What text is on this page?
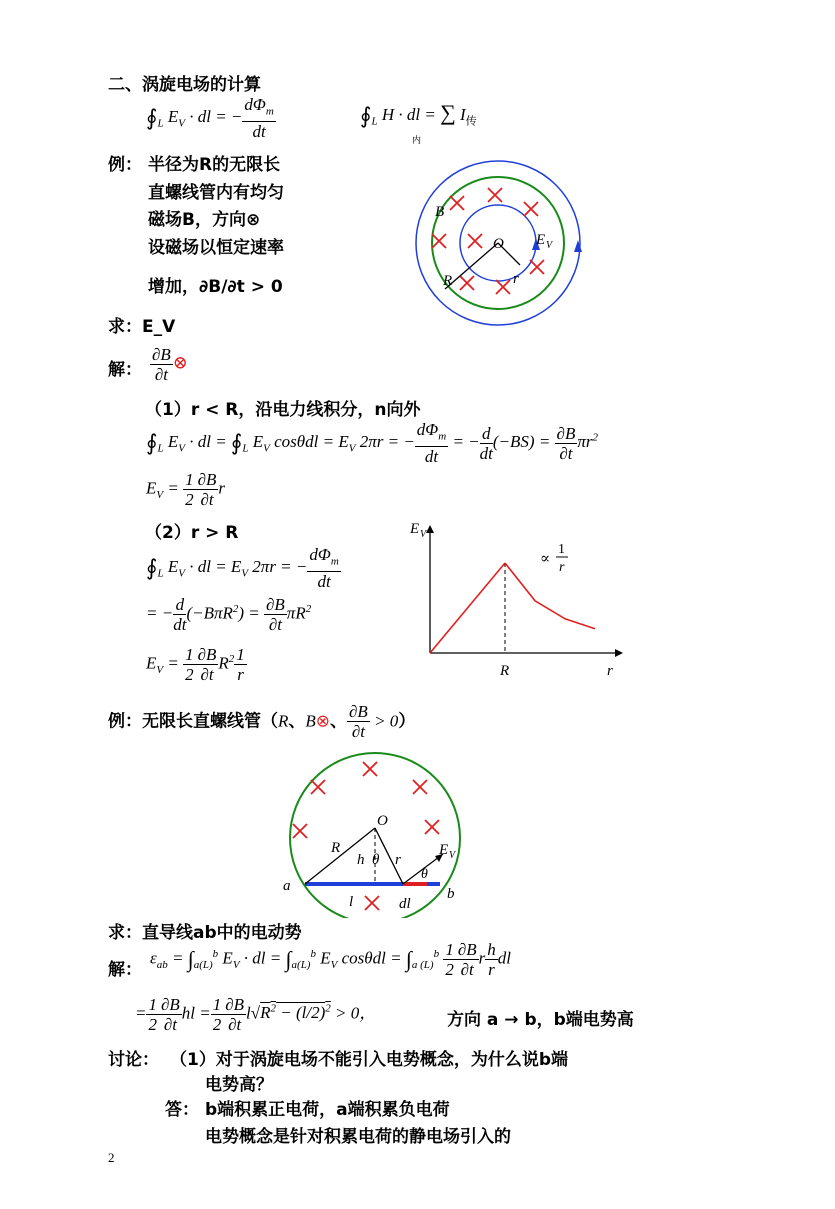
二、涡旋电场的计算
$∮_L$ $E_V$ · dl = − $\frac{d\Phi_m}{dt}$	$∮_L$ H · dl = ∑ $I_传$
内
例： 半径为R的无限长
直螺线管内有均匀
磁场B，方向⊗
设磁场以恒定速率
增加，∂B/∂t > 0
B
O E V
R	r
求：E_V
解： $\frac{\partial B}{\partial t}$ ⊗
（1）r < R，沿电力线积分，n向外
$∮_L$ $E_V$ · dl = $∮_L$ $E_V$ $\cos\theta dl = E_V$ 2πr = − $\frac{d\Phi_m}{dt}$ = − $\frac{d}{dt} (-BS) = \frac{\partial B}{\partial t} \pi r^2$
$E_V = \frac{1}{2} \frac{\partial B}{\partial t}$ r
（2）r > R
$∮_L$ $E_V$ · dl = $E_V$ 2πr = − $\frac{d\Phi_m}{dt}$
= − $\frac{d}{dt} (-B\pi R^2) = \frac{\partial B}{\partial t} \pi R^2$
$E_V = \frac{1}{2} \frac{\partial B}{\partial t} R^2 \frac{1}{r}$
E V
R	r
∝
1
r
例：无限长直螺线管（R、B⊗、 $\frac{\partial B}{\partial t} > 0$）
O
R
h θ r
E V
θ
a	b
l	dl
求：直导线ab中的电动势
解：
$\varepsilon_{ab} = \int_{a(L)}^b$ $E_V$ · dl = $\int_{a(L)}^b$ $E_V$ $\cos\theta dl = \int_{a (L)}^b \frac{1}{2} \frac{\partial B}{\partial t}$ r $\frac{h}{r}$ dl
= $\frac{1}{2} \frac{\partial B}{\partial t}$ hl = $\frac{1}{2} \frac{\partial B}{\partial t} l√R^2 - (l/2)^2 > 0$，	方向 a → b，b端电势高
讨论： （1）对于涡旋电场不能引入电势概念，为什么说b端
电势高？
答： b端积累正电荷，a端积累负电荷
电势概念是针对积累电荷的静电场引入的
2
